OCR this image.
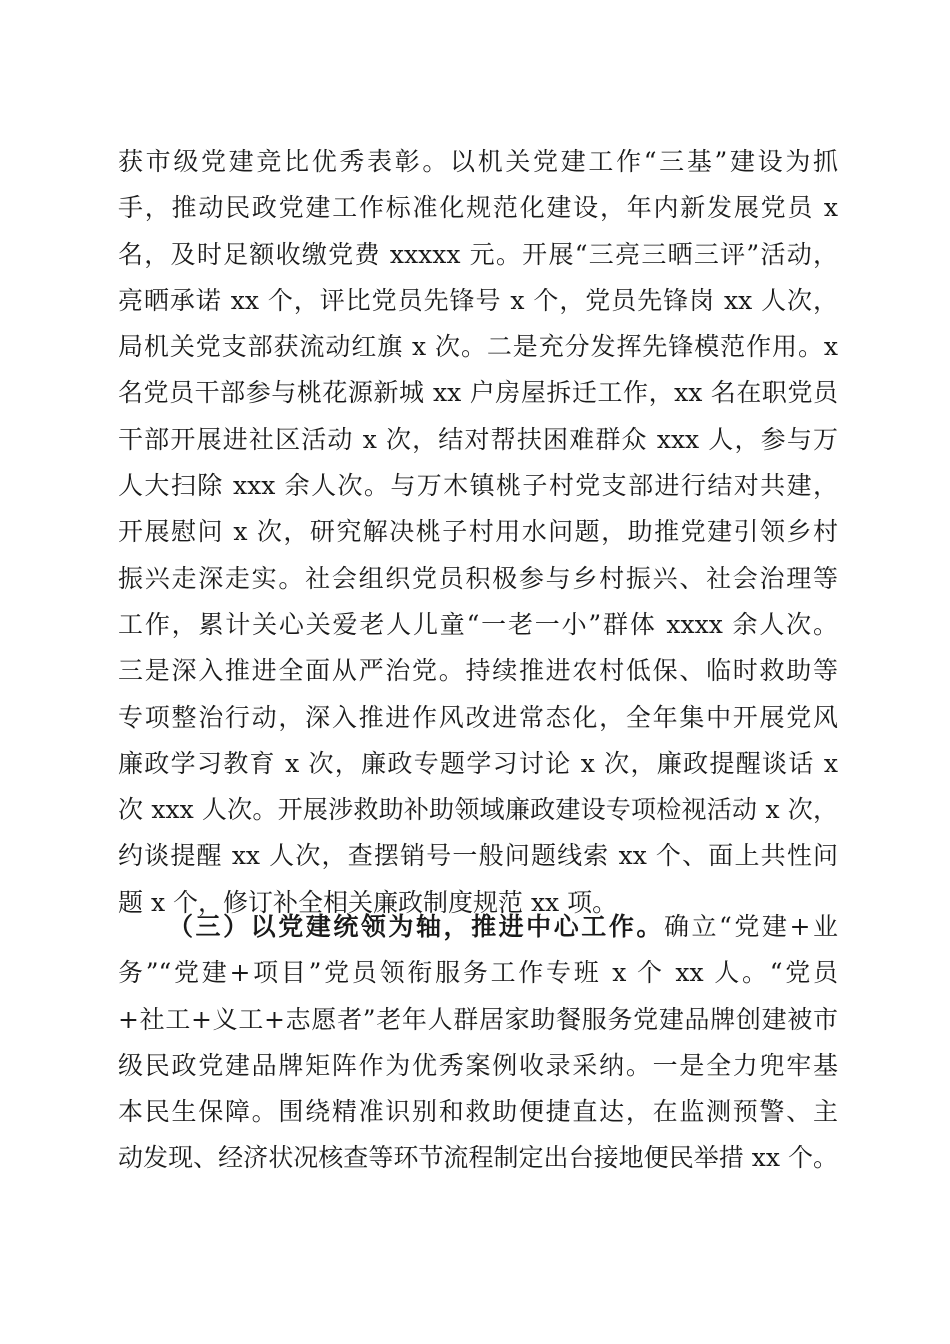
获市级党建竞比优秀表彰。以机关党建工作“三基”建设为抓
手，推动民政党建工作标准化规范化建设，年内新发展党员 x
名，及时足额收缴党费 xxxxx 元。开展“三亮三晒三评”活动，
亮晒承诺 xx 个，评比党员先锋号 x 个，党员先锋岗 xx 人次，
局机关党支部获流动红旗 x 次。二是充分发挥先锋模范作用。x
名党员干部参与桃花源新城 xx 户房屋拆迁工作，xx 名在职党员
干部开展进社区活动 x 次，结对帮扶困难群众 xxx 人，参与万
人大扫除 xxx 余人次。与万木镇桃子村党支部进行结对共建，
开展慰问 x 次，研究解决桃子村用水问题，助推党建引领乡村
振兴走深走实。社会组织党员积极参与乡村振兴、社会治理等
工作，累计关心关爱老人儿童“一老一小”群体 xxxx 余人次。
三是深入推进全面从严治党。持续推进农村低保、临时救助等
专项整治行动，深入推进作风改进常态化，全年集中开展党风
廉政学习教育 x 次，廉政专题学习讨论 x 次，廉政提醒谈话 x
次 xxx 人次。开展涉救助补助领域廉政建设专项检视活动 x 次，
约谈提醒 xx 人次，查摆销号一般问题线索 xx 个、面上共性问
题 x 个，修订补全相关廉政制度规范 xx 项。
（三）以党建统领为轴，推进中心工作。确立“党建+业
务”“党建+项目”党员领衔服务工作专班 x 个 xx 人。“党员
+社工+义工+志愿者”老年人群居家助餐服务党建品牌创建被市
级民政党建品牌矩阵作为优秀案例收录采纳。一是全力兜牢基
本民生保障。围绕精准识别和救助便捷直达，在监测预警、主
动发现、经济状况核查等环节流程制定出台接地便民举措 xx 个。
